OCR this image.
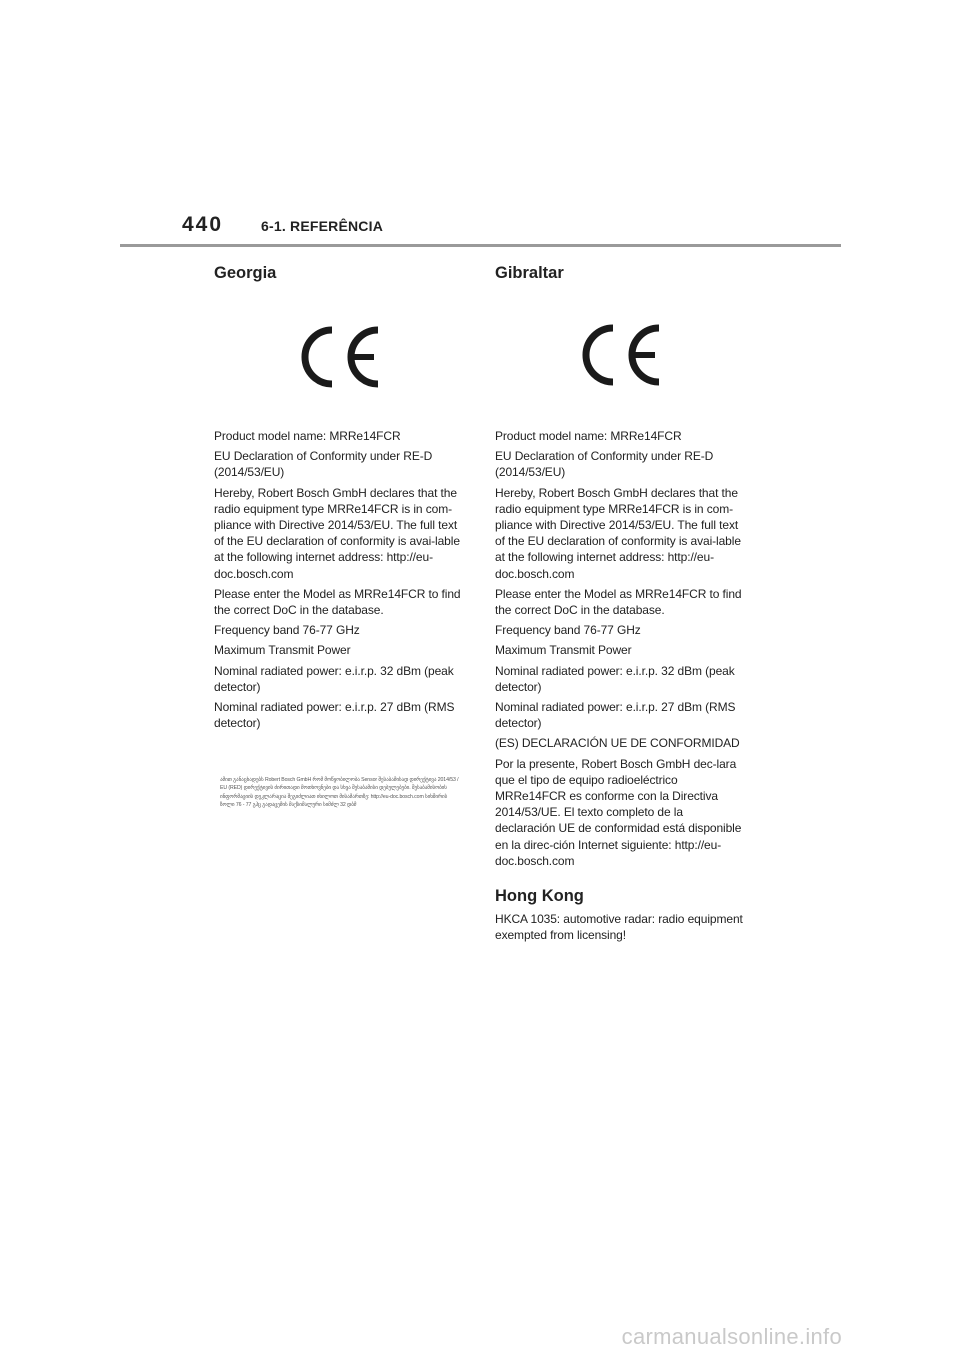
440	6-1. REFERÊNCIA
Georgia

Product model name: MRRe14FCR

EU Declaration of Conformity under RE-D (2014/53/EU)

Hereby, Robert Bosch GmbH declares that the radio equipment type MRRe14FCR is in com-pliance with Directive 2014/53/EU. The full text of the EU declaration of conformity is avai-lable at the following internet address: http://eu-doc.bosch.com

Please enter the Model as MRRe14FCR to find the correct DoC in the database.

Frequency band 76-77 GHz

Maximum Transmit Power

Nominal radiated power: e.i.r.p. 32 dBm (peak detector)

Nominal radiated power: e.i.r.p. 27 dBm (RMS detector)

ამით განაცხადებს Robert Bosch GmbH რომ მოწყობილობა Sensor შესაბამისად დირექტივა 2014/53 / EU (RED) დირექტივის ძირითადი მოთხოვნები და სხვა შესაბამისი დებულებები. შესაბამისობის ინფორმაციის დეკლარაცია შეგიძლიათ იხილოთ მისამართზე: http://eu-doc.bosch.com სიხშირის ზოლი 76 - 77 გჰც გადაცემის მაქსიმალური სიმძლ 32 დბმ
Gibraltar

Product model name: MRRe14FCR

EU Declaration of Conformity under RE-D (2014/53/EU)

Hereby, Robert Bosch GmbH declares that the radio equipment type MRRe14FCR is in com-pliance with Directive 2014/53/EU. The full text of the EU declaration of conformity is avai-lable at the following internet address: http://eu-doc.bosch.com

Please enter the Model as MRRe14FCR to find the correct DoC in the database.

Frequency band 76-77 GHz

Maximum Transmit Power

Nominal radiated power: e.i.r.p. 32 dBm (peak detector)

Nominal radiated power: e.i.r.p. 27 dBm (RMS detector)

(ES) DECLARACIÓN UE DE CONFORMIDAD

Por la presente, Robert Bosch GmbH dec-lara que el tipo de equipo radioeléctrico MRRe14FCR es conforme con la Directiva 2014/53/UE. El texto completo de la declaración UE de conformidad está disponible en la direc-ción Internet siguiente: http://eu-doc.bosch.com

Hong Kong

HKCA 1035: automotive radar: radio equipment exempted from licensing!

carmanualsonline.info
